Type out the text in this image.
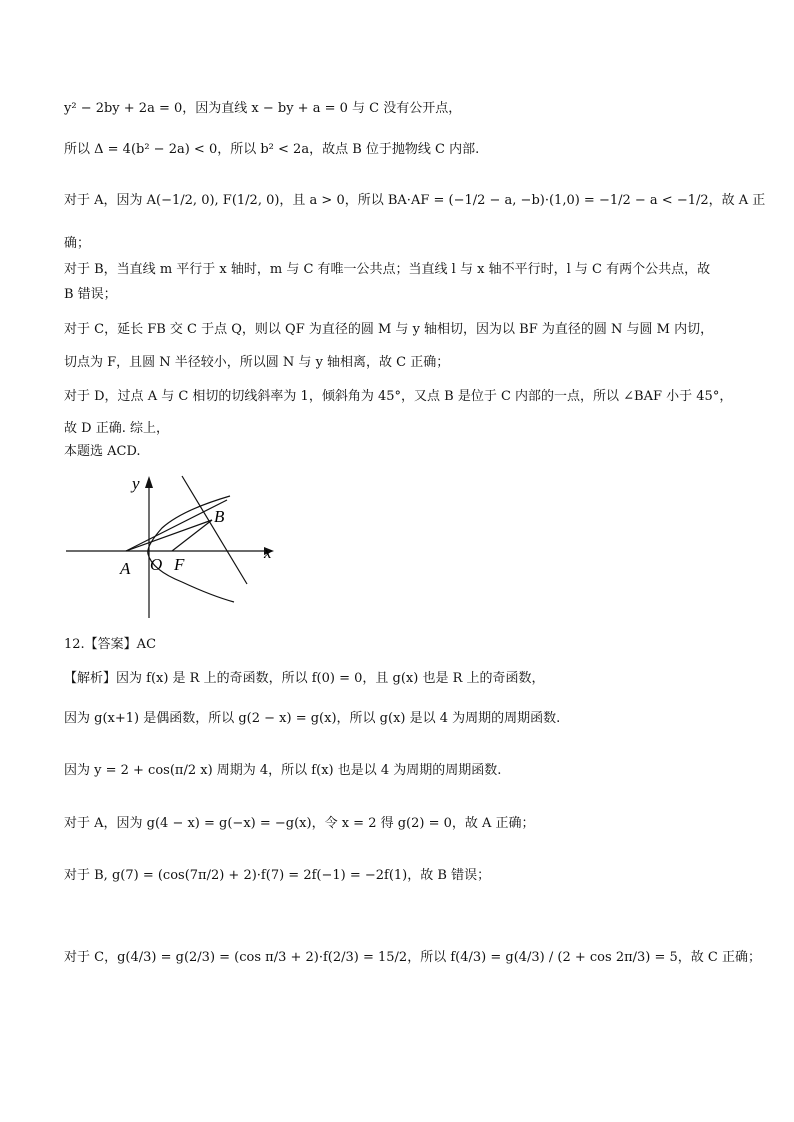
y² − 2by + 2a = 0，因为直线 x − by + a = 0 与 C 没有公开点，
所以 Δ = 4(b² − 2a) < 0，所以 b² < 2a，故点 B 位于抛物线 C 内部.
对于 A，因为 A(−1/2, 0), F(1/2, 0)，且 a > 0，所以 BA·AF = (−1/2 − a, −b)·(1,0) = −1/2 − a < −1/2，故 A 正
确；
对于 B，当直线 m 平行于 x 轴时，m 与 C 有唯一公共点；当直线 l 与 x 轴不平行时，l 与 C 有两个公共点，故
B 错误；
对于 C，延长 FB 交 C 于点 Q，则以 QF 为直径的圆 M 与 y 轴相切，因为以 BF 为直径的圆 N 与圆 M 内切，
切点为 F，且圆 N 半径较小，所以圆 N 与 y 轴相离，故 C 正确；
对于 D，过点 A 与 C 相切的切线斜率为 1，倾斜角为 45°，又点 B 是位于 C 内部的一点，所以 ∠BAF 小于 45°，
故 D 正确. 综上，
本题选 ACD.
y
x
A O F
B
12.【答案】AC
【解析】因为 f(x) 是 R 上的奇函数，所以 f(0) = 0，且 g(x) 也是 R 上的奇函数，
因为 g(x+1) 是偶函数，所以 g(2 − x) = g(x)，所以 g(x) 是以 4 为周期的周期函数.
因为 y = 2 + cos(π/2 x) 周期为 4，所以 f(x) 也是以 4 为周期的周期函数.
对于 A，因为 g(4 − x) = g(−x) = −g(x)，令 x = 2 得 g(2) = 0，故 A 正确；
对于 B, g(7) = (cos(7π/2) + 2)·f(7) = 2f(−1) = −2f(1)，故 B 错误；
对于 C，g(4/3) = g(2/3) = (cos π/3 + 2)·f(2/3) = 15/2，所以 f(4/3) = g(4/3) / (2 + cos 2π/3) = 5，故 C 正确；
